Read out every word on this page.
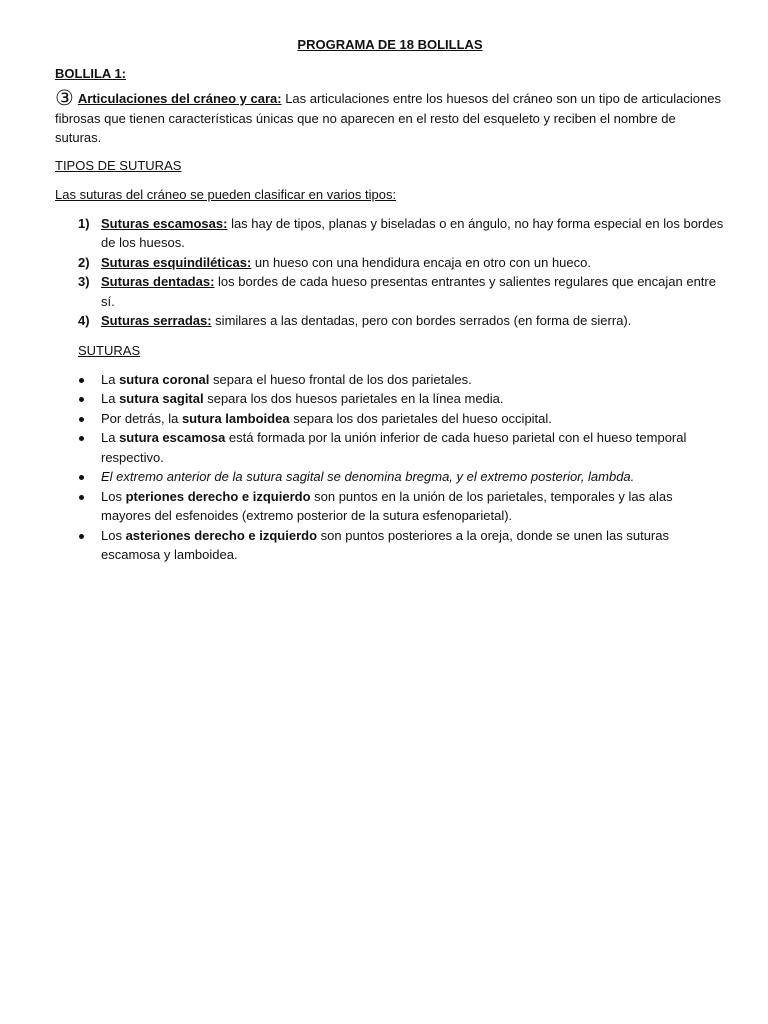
PROGRAMA DE 18 BOLILLAS
BOLLILA 1:
③ Articulaciones del cráneo y cara: Las articulaciones entre los huesos del cráneo son un tipo de articulaciones fibrosas que tienen características únicas que no aparecen en el resto del esqueleto y reciben el nombre de suturas.
TIPOS DE SUTURAS
Las suturas del cráneo se pueden clasificar en varios tipos:
1) Suturas escamosas: las hay de tipos, planas y biseladas o en ángulo, no hay forma especial en los bordes de los huesos.
2) Suturas esquindiléticas: un hueso con una hendidura encaja en otro con un hueco.
3) Suturas dentadas: los bordes de cada hueso presentas entrantes y salientes regulares que encajan entre sí.
4) Suturas serradas: similares a las dentadas, pero con bordes serrados (en forma de sierra).
SUTURAS
La sutura coronal separa el hueso frontal de los dos parietales.
La sutura sagital separa los dos huesos parietales en la línea media.
Por detrás, la sutura lamboidea separa los dos parietales del hueso occipital.
La sutura escamosa está formada por la unión inferior de cada hueso parietal con el hueso temporal respectivo.
El extremo anterior de la sutura sagital se denomina bregma, y el extremo posterior, lambda.
Los pteriones derecho e izquierdo son puntos en la unión de los parietales, temporales y las alas mayores del esfenoides (extremo posterior de la sutura esfenoparietal).
Los asteriones derecho e izquierdo son puntos posteriores a la oreja, donde se unen las suturas escamosa y lamboidea.
